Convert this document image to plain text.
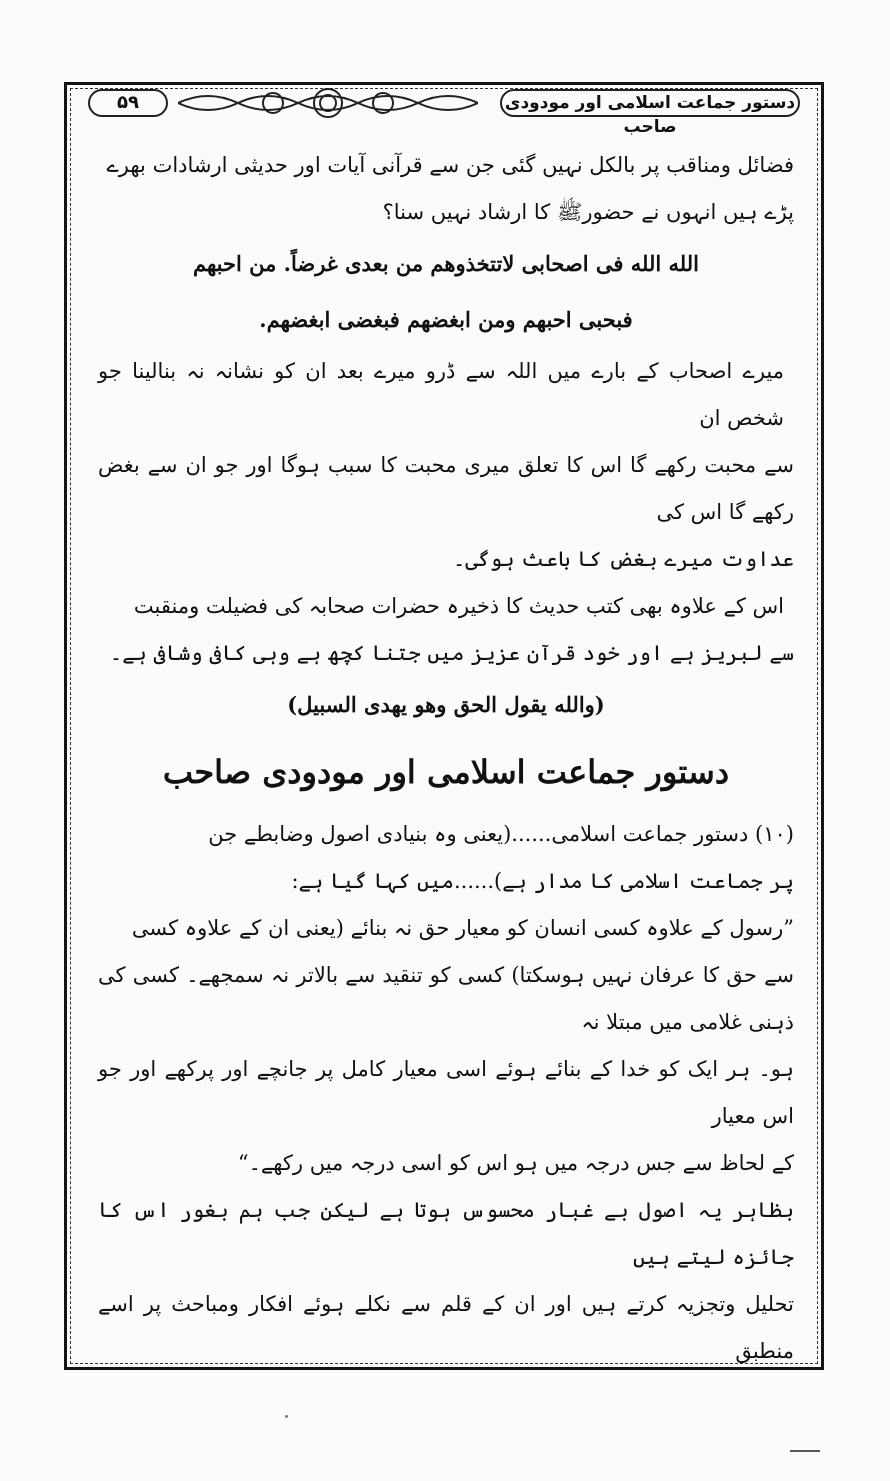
۵۹	دستور جماعت اسلامی اور مودودی صاحب

فضائل ومناقب پر بالکل نہیں گئی جن سے قرآنی آیات اور حدیثی ارشادات بھرے

پڑے ہیں انہوں نے حضورﷺ کا ارشاد نہیں سنا؟

الله الله فی اصحابی لاتتخذوهم من بعدی غرضاً. من احبهم

فبحبی احبهم ومن ابغضهم فبغضی ابغضهم.

میرے اصحاب کے بارے میں اللہ سے ڈرو میرے بعد ان کو نشانہ نہ بنالینا جو شخص ان

سے محبت رکھے گا اس کا تعلق میری محبت کا سبب ہوگا اور جو ان سے بغض رکھے گا اس کی

عداوت میرے بغض کا باعث ہوگی۔

اس کے علاوہ بھی کتب حدیث کا ذخیرہ حضرات صحابہ کی فضیلت ومنقبت

سے لبریز ہے اور خود قرآن عزیز میں جتنا کچھ ہے وہی کافی وشافی ہے۔

(والله یقول الحق وهو یهدی السبیل)

دستور جماعت اسلامی اور مودودی صاحب

(۱۰) دستور جماعت اسلامی......(یعنی وہ بنیادی اصول وضابطے جن

پر جماعت اسلامی کا مدار ہے)......میں کہا گیا ہے:

”رسول کے علاوہ کسی انسان کو معیار حق نہ بنائے (یعنی ان کے علاوہ کسی

سے حق کا عرفان نہیں ہوسکتا) کسی کو تنقید سے بالاتر نہ سمجھے۔ کسی کی ذہنی غلامی میں مبتلا نہ

ہو۔ ہر ایک کو خدا کے بنائے ہوئے اسی معیار کامل پر جانچے اور پرکھے اور جو اس معیار

کے لحاظ سے جس درجہ میں ہو اس کو اسی درجہ میں رکھے۔“

بظاہر یہ اصول بے غبار محسوس ہوتا ہے لیکن جب ہم بغور اس کا جائزہ لیتے ہیں

تحلیل وتجزیہ کرتے ہیں اور ان کے قلم سے نکلے ہوئے افکار ومباحث پر اسے منطبق
